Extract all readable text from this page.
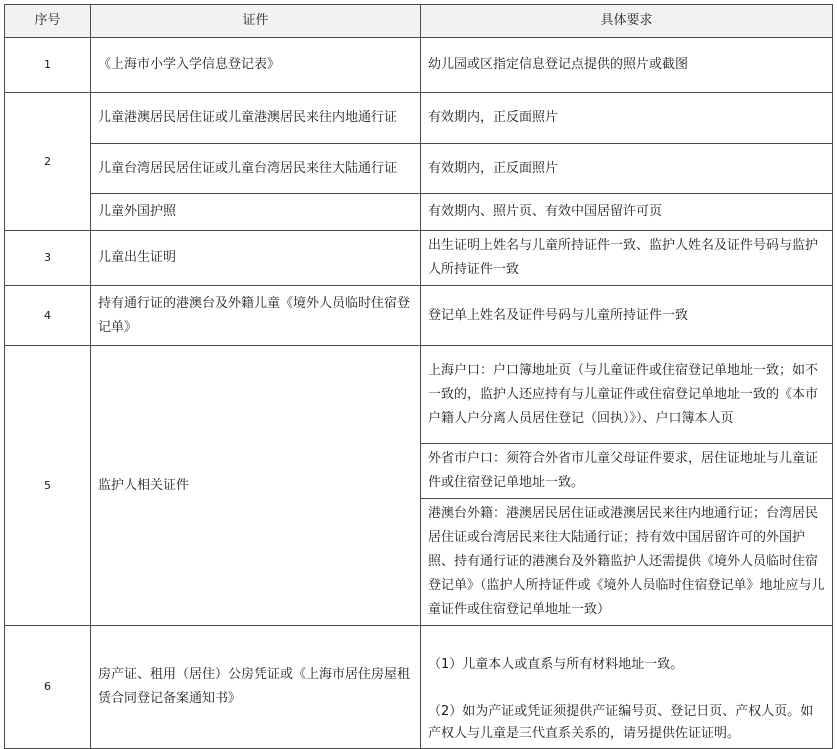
序号	证件	具体要求
1	《上海市小学入学信息登记表》	幼儿园或区指定信息登记点提供的照片或截图
2	儿童港澳居民居住证或儿童港澳居民来往内地通行证	有效期内，正反面照片
	儿童台湾居民居住证或儿童台湾居民来往大陆通行证	有效期内，正反面照片
	儿童外国护照	有效期内、照片页、有效中国居留许可页
3	儿童出生证明	出生证明上姓名与儿童所持证件一致、监护人姓名及证件号码与监护人所持证件一致
4	持有通行证的港澳台及外籍儿童《境外人员临时住宿登记单》	登记单上姓名及证件号码与儿童所持证件一致
5	监护人相关证件	上海户口：户口簿地址页（与儿童证件或住宿登记单地址一致；如不一致的，监护人还应持有与儿童证件或住宿登记单地址一致的《本市户籍人户分离人员居住登记（回执）》）、户口簿本人页
		外省市户口：须符合外省市儿童父母证件要求，居住证地址与儿童证件或住宿登记单地址一致。
		港澳台外籍：港澳居民居住证或港澳居民来往内地通行证；台湾居民居住证或台湾居民来往大陆通行证；持有效中国居留许可的外国护照、持有通行证的港澳台及外籍监护人还需提供《境外人员临时住宿登记单》（监护人所持证件或《境外人员临时住宿登记单》地址应与儿童证件或住宿登记单地址一致）
6	房产证、租用（居住）公房凭证或《上海市居住房屋租赁合同登记备案通知书》	（1）儿童本人或直系与所有材料地址一致。
		（2）如为产证或凭证须提供产证编号页、登记日页、产权人页。如产权人与儿童是三代直系关系的，请另提供佐证证明。
